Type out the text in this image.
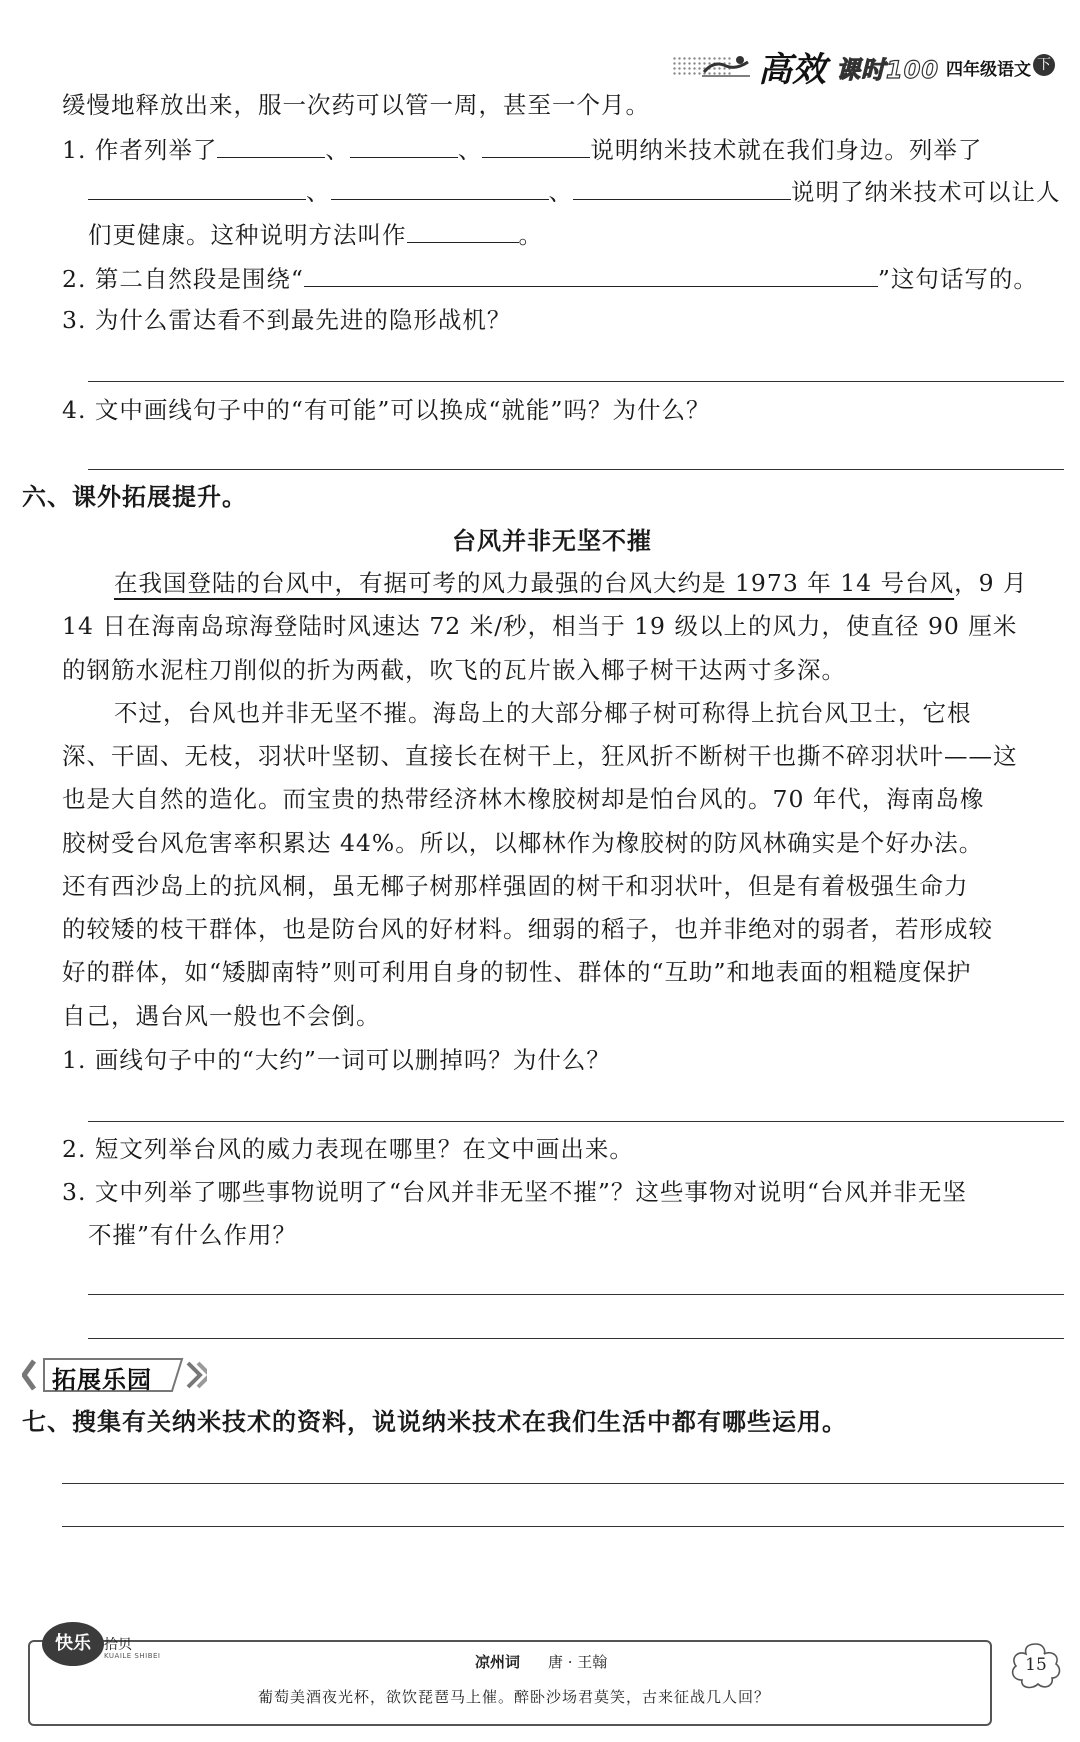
高效 课时100 四年级语文 下
缓慢地释放出来，服一次药可以管一周，甚至一个月。
1. 作者列举了	、	、	说明纳米技术就在我们身边。列举了
、	、	说明了纳米技术可以让人
们更健康。这种说明方法叫作	。
2. 第二自然段是围绕“	”这句话写的。
3. 为什么雷达看不到最先进的隐形战机？
4. 文中画线句子中的“有可能”可以换成“就能”吗？为什么？
六、课外拓展提升。
台风并非无坚不摧
在我国登陆的台风中，有据可考的风力最强的台风大约是 1973 年 14 号台风，9 月
14 日在海南岛琼海登陆时风速达 72 米/秒，相当于 19 级以上的风力，使直径 90 厘米
的钢筋水泥柱刀削似的折为两截，吹飞的瓦片嵌入椰子树干达两寸多深。
不过，台风也并非无坚不摧。海岛上的大部分椰子树可称得上抗台风卫士，它根
深、干固、无枝，羽状叶坚韧、直接长在树干上，狂风折不断树干也撕不碎羽状叶——这
也是大自然的造化。而宝贵的热带经济林木橡胶树却是怕台风的。70 年代，海南岛橡
胶树受台风危害率积累达 44%。所以，以椰林作为橡胶树的防风林确实是个好办法。
还有西沙岛上的抗风桐，虽无椰子树那样强固的树干和羽状叶，但是有着极强生命力
的较矮的枝干群体，也是防台风的好材料。细弱的稻子，也并非绝对的弱者，若形成较
好的群体，如“矮脚南特”则可利用自身的韧性、群体的“互助”和地表面的粗糙度保护
自己，遇台风一般也不会倒。
1. 画线句子中的“大约”一词可以删掉吗？为什么？
2. 短文列举台风的威力表现在哪里？在文中画出来。
3. 文中列举了哪些事物说明了“台风并非无坚不摧”？这些事物对说明“台风并非无坚
不摧”有什么作用？
拓展乐园
七、搜集有关纳米技术的资料，说说纳米技术在我们生活中都有哪些运用。
快乐 拾贝
KUAILE SHIBEI	凉州词 唐 · 王翰
葡萄美酒夜光杯，欲饮琵琶马上催。醉卧沙场君莫笑，古来征战几人回？
15
